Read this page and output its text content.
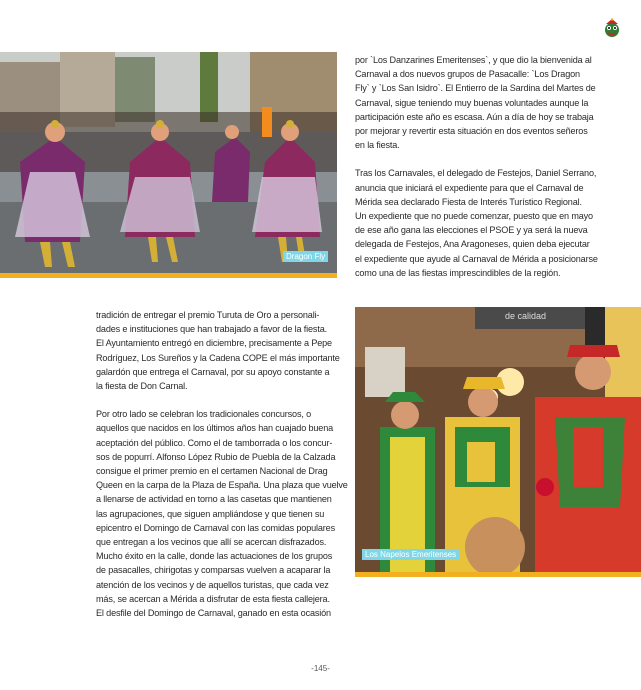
Dragon Fly

por `Los Danzarines Emeritenses`, y que dio la bienvenida al
Carnaval a dos nuevos grupos de Pasacalle: `Los Dragon
Fly` y `Los San Isidro`. El Entierro de la Sardina del Martes de
Carnaval, sigue teniendo muy buenas voluntades aunque la
participación este año es escasa. Aún a día de hoy se trabaja
por mejorar y revertir esta situación en dos eventos señeros
en la fiesta.

Tras los Carnavales, el delegado de Festejos, Daniel Serrano,
anuncia que iniciará el expediente para que el Carnaval de
Mérida sea declarado Fiesta de Interés Turístico Regional.
Un expediente que no puede comenzar, puesto que en mayo
de ese año gana las elecciones el PSOE y ya será la nueva
delegada de Festejos, Ana Aragoneses, quien deba ejecutar
el expediente que ayude al Carnaval de Mérida a posicionarse
como una de las fiestas imprescindibles de la región.

tradición de entregar el premio Turuta de Oro a personali-
dades e instituciones que han trabajado a favor de la fiesta.
El Ayuntamiento entregó en diciembre, precisamente a Pepe
Rodríguez, Los Sureños y la Cadena COPE el más importante
galardón que entrega el Carnaval, por su apoyo constante a
la fiesta de Don Carnal.

Por otro lado se celebran los tradicionales concursos, o
aquellos que nacidos en los últimos años han cuajado buena
aceptación del público. Como el de tamborrada o los concur-
sos de popurrí. Alfonso López Rubio de Puebla de la Calzada
consigue el primer premio en el certamen Nacional de Drag
Queen en la carpa de la Plaza de España. Una plaza que vuelve
a llenarse de actividad en torno a las casetas que mantienen
las agrupaciones, que siguen ampliándose y que tienen su
epicentro el Domingo de Carnaval con las comidas populares
que entregan a los vecinos que allí se acercan disfrazados.
Mucho éxito en la calle, donde las actuaciones de los grupos
de pasacalles, chirigotas y comparsas vuelven a acaparar la
atención de los vecinos y de aquellos turistas, que cada vez
más, se acercan a Mérida a disfrutar de esta fiesta callejera.
El desfile del Domingo de Carnaval, ganado en esta ocasión

de calidad
Los Napelos Emeritenses
-145-
